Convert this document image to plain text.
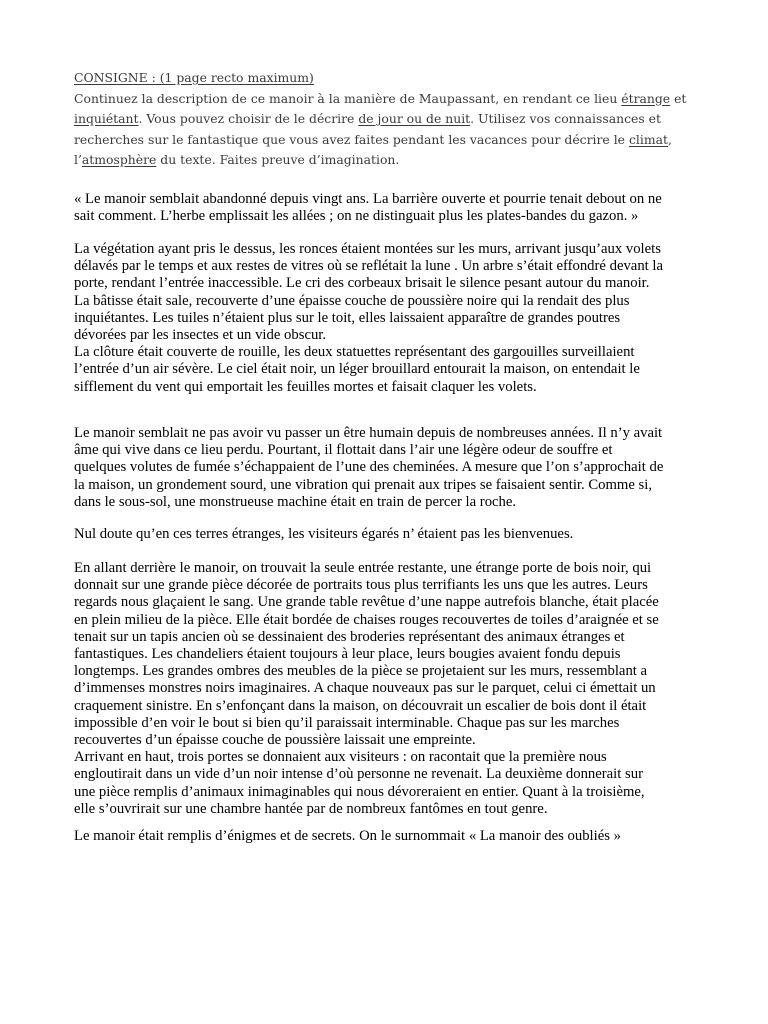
CONSIGNE : (1 page recto maximum)

Continuez la description de ce manoir à la manière de Maupassant, en rendant ce lieu étrange et

inquiétant. Vous pouvez choisir de le décrire de jour ou de nuit. Utilisez vos connaissances et

recherches sur le fantastique que vous avez faites pendant les vacances pour décrire le climat,

l’atmosphère du texte. Faites preuve d’imagination.

« Le manoir semblait abandonné depuis vingt ans. La barrière ouverte et pourrie tenait debout on ne

sait comment. L’herbe emplissait les allées ; on ne distinguait plus les plates-bandes du gazon. »

La végétation ayant pris le dessus, les ronces étaient montées sur les murs, arrivant jusqu’aux volets

délavés par le temps et aux restes de vitres où se reflétait la lune . Un arbre s’était effondré devant la

porte, rendant l’entrée inaccessible. Le cri des corbeaux brisait le silence pesant autour du manoir.

La bâtisse était sale, recouverte d’une épaisse couche de poussière noire qui la rendait des plus

inquiétantes. Les tuiles n’étaient plus sur le toit, elles laissaient apparaître de grandes poutres

dévorées par les insectes et un vide obscur.

La clôture était couverte de rouille, les deux statuettes représentant des gargouilles surveillaient

l’entrée d’un air sévère. Le ciel était noir, un léger brouillard entourait la maison, on entendait le

sifflement du vent qui emportait les feuilles mortes et faisait claquer les volets.

Le manoir semblait ne pas avoir vu passer un être humain depuis de nombreuses années. Il n’y avait

âme qui vive dans ce lieu perdu. Pourtant, il flottait dans l’air une légère odeur de souffre et

quelques volutes de fumée s’échappaient de l’une des cheminées. A mesure que l’on s’approchait de

la maison, un grondement sourd, une vibration qui prenait aux tripes se faisaient sentir. Comme si,

dans le sous-sol, une monstrueuse machine était en train de percer la roche.

Nul doute qu’en ces terres étranges, les visiteurs égarés n’ étaient pas les bienvenues.

En allant derrière le manoir, on trouvait la seule entrée restante, une étrange porte de bois noir, qui

donnait sur une grande pièce décorée de portraits tous plus terrifiants les uns que les autres. Leurs

regards nous glaçaient le sang. Une grande table revêtue d’une nappe autrefois blanche, était placée

en plein milieu de la pièce. Elle était bordée de chaises rouges recouvertes de toiles d’araignée et se

tenait sur un tapis ancien où se dessinaient des broderies représentant des animaux étranges et

fantastiques. Les chandeliers étaient toujours à leur place, leurs bougies avaient fondu depuis

longtemps. Les grandes ombres des meubles de la pièce se projetaient sur les murs, ressemblant a

d’immenses monstres noirs imaginaires. A chaque nouveaux pas sur le parquet, celui ci émettait un

craquement sinistre. En s’enfonçant dans la maison, on découvrait un escalier de bois dont il était

impossible d’en voir le bout si bien qu’il paraissait interminable. Chaque pas sur les marches

recouvertes d’un épaisse couche de poussière laissait une empreinte.

Arrivant en haut, trois portes se donnaient aux visiteurs : on racontait que la première nous

engloutirait dans un vide d’un noir intense d’où personne ne revenait. La deuxième donnerait sur

une pièce remplis d’animaux inimaginables qui nous dévoreraient en entier. Quant à la troisième,

elle s’ouvrirait sur une chambre hantée par de nombreux fantômes en tout genre.

Le manoir était remplis d’énigmes et de secrets. On le surnommait « La manoir des oubliés »
